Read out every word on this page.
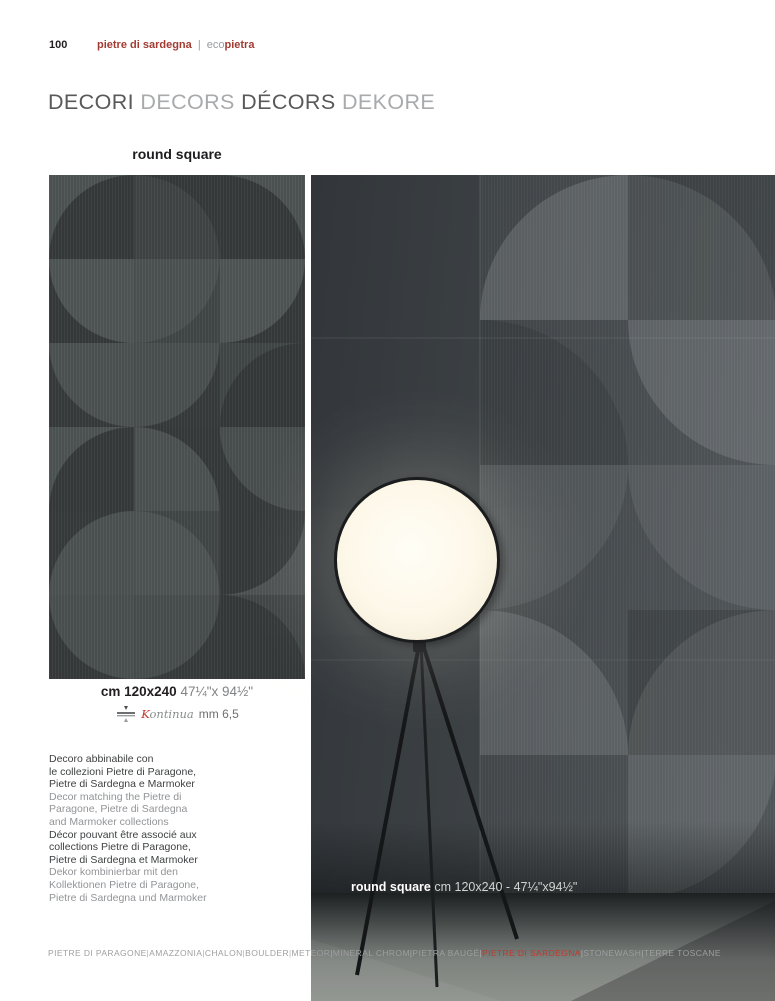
100	pietre di sardegna | ecopietra
DECORI DECORS DÉCORS DEKORE
round square
cm 120x240 47¼"x 94½"
Kontinua mm 6,5
Decoro abbinabile con
le collezioni Pietre di Paragone,
Pietre di Sardegna e Marmoker
Decor matching the Pietre di
Paragone, Pietre di Sardegna
and Marmoker collections
Décor pouvant être associé aux
collections Pietre di Paragone,
Pietre di Sardegna et Marmoker
Dekor kombinierbar mit den
Kollektionen Pietre di Paragone,
Pietre di Sardegna und Marmoker
round square cm 120x240 - 47¼"x94½"
PIETRE DI PARAGONE | AMAZZONIA | CHALON | BOULDER | METEOR | MINERAL CHROM | PIETRA BAUGÉ | PIETRE DI SARDEGNA | STONEWASH | TERRE TOSCANE
